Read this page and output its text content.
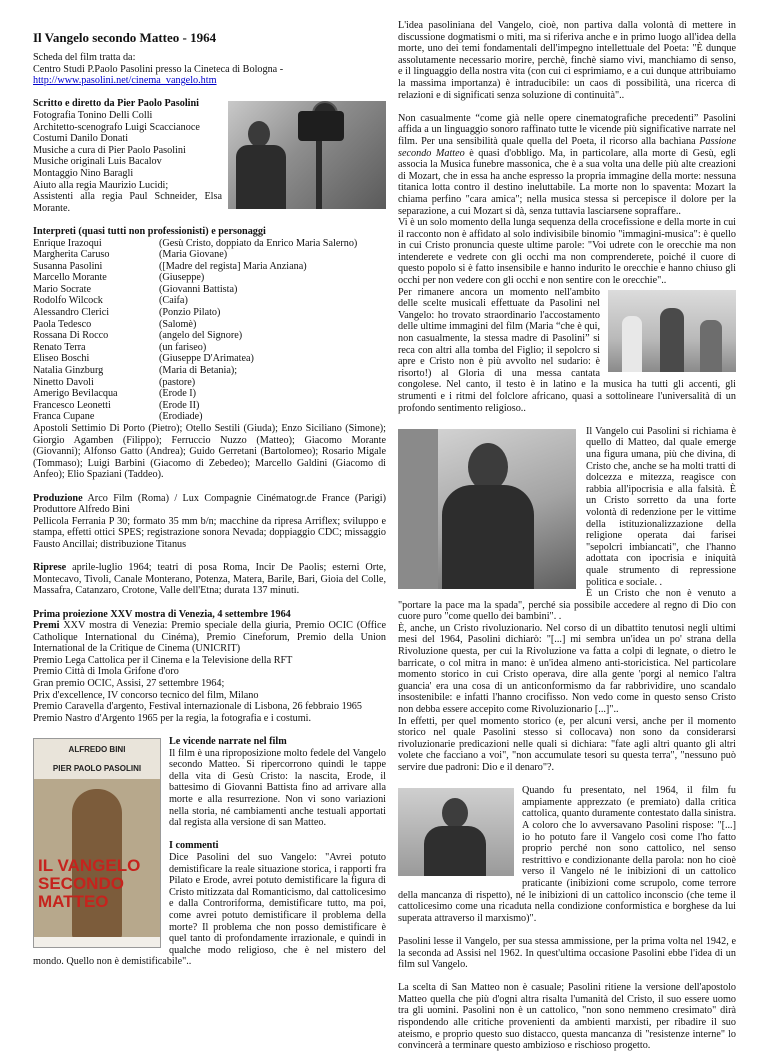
Il Vangelo secondo Matteo - 1964

Scheda del film tratta da:

Centro Studi P.Paolo Pasolini presso la Cineteca di Bologna -

http://www.pasolini.net/cinema_vangelo.htm

Scritto e diretto da Pier Paolo Pasolini

Fotografia Tonino Delli Colli

Architetto-scenografo Luigi Scaccianoce

Costumi Danilo Donati

Musiche a cura di Pier Paolo Pasolini

Musiche originali Luis Bacalov

Montaggio Nino Baragli

Aiuto alla regia Maurizio Lucidi;

Assistenti alla regia Paul Schneider, Elsa Morante.

Interpreti (quasi tutti non professionisti) e personaggi

Enrique Irazoqui	(Gesù Cristo, doppiato da Enrico Maria Salerno)
Margherita Caruso	(Maria Giovane)
Susanna Pasolini	([Madre del regista] Maria Anziana)
Marcello Morante	(Giuseppe)
Mario Socrate	(Giovanni Battista)
Rodolfo Wilcock	(Caifa)
Alessandro Clerici	(Ponzio Pilato)
Paola Tedesco	(Salomè)
Rossana Di Rocco	(angelo del Signore)
Renato Terra	(un fariseo)
Eliseo Boschi	(Giuseppe D'Arimatea)
Natalia Ginzburg	(Maria di Betania);
Ninetto Davoli	(pastore)
Amerigo Bevilacqua	(Erode I)
Francesco Leonetti	(Erode II)
Franca Cupane	(Erodiade)

Apostoli Settimio Di Porto (Pietro); Otello Sestili (Giuda); Enzo Siciliano (Simone); Giorgio Agamben (Filippo); Ferruccio Nuzzo (Matteo); Giacomo Morante (Giovanni); Alfonso Gatto (Andrea); Guido Gerretani (Bartolomeo); Rosario Migale (Tommaso); Luigi Barbini (Giacomo di Zebedeo); Marcello Galdini (Giacomo di Anfeo); Elio Spaziani (Taddeo).

Produzione Arco Film (Roma) / Lux Compagnie Cinématogr.de France (Parigi) Produttore Alfredo Bini

Pellicola Ferrania P 30; formato 35 mm b/n; macchine da ripresa Arriflex; sviluppo e stampa, effetti ottici SPES; registrazione sonora Nevada; doppiaggio CDC; missaggio Fausto Ancillai; distribuzione Titanus

Riprese aprile-luglio 1964; teatri di posa Roma, Incir De Paolis; esterni Orte, Montecavo, Tivoli, Canale Monterano, Potenza, Matera, Barile, Bari, Gioia del Colle, Massafra, Catanzaro, Crotone, Valle dell'Etna; durata 137 minuti.

Prima proiezione XXV mostra di Venezia, 4 settembre 1964

Premi XXV mostra di Venezia: Premio speciale della giuria, Premio OCIC (Office Catholique International du Cinéma), Premio Cineforum, Premio della Union International de la Critique de Cinema (UNICRIT)

Premio Lega Cattolica per il Cinema e la Televisione della RFT

Premio Città di Imola Grifone d'oro

Gran premio OCIC, Assisi, 27 settembre 1964;

Prix d'excellence, IV concorso tecnico del film, Milano

Premio Caravella d'argento, Festival internazionale di Lisbona, 26 febbraio 1965

Premio Nastro d'Argento 1965 per la regia, la fotografia e i costumi.

ALFREDO BINI
PIER PAOLO PASOLINI
IL VANGELO SECONDO MATTEO

Le vicende narrate nel film

Il film è una riproposizione molto fedele del Vangelo secondo Matteo. Si ripercorrono quindi le tappe della vita di Gesù Cristo: la nascita, Erode, il battesimo di Giovanni Battista fino ad arrivare alla morte e alla resurrezione. Non vi sono variazioni nella storia, né cambiamenti anche testuali apportati dal regista alla versione di san Matteo.

I commenti

Dice Pasolini del suo Vangelo: "Avrei potuto demistificare la reale situazione storica, i rapporti fra Pilato e Erode, avrei potuto demistificare la figura di Cristo mitizzata dal Romanticismo, dal cattolicesimo e dalla Controriforma, demistificare tutto, ma poi, come avrei potuto demistificare il problema della morte? Il problema che non posso demistificare è quel tanto di profondamente irrazionale, e quindi in qualche modo religioso, che è nel mistero del mondo. Quello non è demistificabile"..

L'idea pasoliniana del Vangelo, cioè, non partiva dalla volontà di mettere in discussione dogmatismi o miti, ma si riferiva anche e in primo luogo all'idea della morte, uno dei temi fondamentali dell'impegno intellettuale del Poeta: "È dunque assolutamente necessario morire, perchè, finchè siamo vivi, manchiamo di senso, e il linguaggio della nostra vita (con cui ci esprimiamo, e a cui dunque attribuiamo la massima importanza) è intraducibile: un caos di possibilità, una ricerca di relazioni e di significati senza soluzione di continuità"..

Non casualmente “come già nelle opere cinematografiche precedenti” Pasolini affida a un linguaggio sonoro raffinato tutte le vicende più significative narrate nel film. Per una sensibilità quale quella del Poeta, il ricorso alla bachiana Passione secondo Matteo è quasi d'obbligo. Ma, in particolare, alla morte di Gesù, egli associa la Musica funebre massonica, che è a sua volta una delle più alte creazioni di Mozart, che in essa ha anche espresso la propria immagine della morte: nessuna titanica lotta contro il destino ineluttabile. La morte non lo spaventa: Mozart la chiama perfino "cara amica"; nella musica stessa si percepisce il dolore per la separazione, a cui Mozart si dà, senza tuttavia lasciarsene sopraffare..

Vi è un solo momento della lunga sequenza della crocefissione e della morte in cui il racconto non è affidato al solo indivisibile binomio "immagini-musica": è quello in cui Cristo pronuncia queste ultime parole: "Voi udrete con le orecchie ma non intenderete e vedrete con gli occhi ma non comprenderete, poiché il cuore di questo popolo si è fatto insensibile e hanno indurito le orecchie e hanno chiuso gli occhi per non vedere con gli occhi e non sentire con le orecchie"..

Per rimanere ancora un momento nell'ambito delle scelte musicali effettuate da Pasolini nel Vangelo: ho trovato straordinario l'accostamento delle ultime immagini del film (Maria “che è qui, non casualmente, la stessa madre di Pasolini” si reca con altri alla tomba del Figlio; il sepolcro si apre e Cristo non è più avvolto nel sudario: è risorto!) al Gloria di una messa cantata congolese. Nel canto, il testo è in latino e la musica ha tutti gli accenti, gli strumenti e i ritmi del folclore africano, quasi a sottolineare l'universalità di un profondo sentimento religioso..

Il Vangelo cui Pasolini si richiama è quello di Matteo, dal quale emerge una figura umana, più che divina, di Cristo che, anche se ha molti tratti di dolcezza e mitezza, reagisce con rabbia all'ipocrisia e alla falsità. È un Cristo sorretto da una forte volontà di redenzione per le vittime della istituzionalizzazione della religione operata dai farisei "sepolcri imbiancati", che l'hanno adottata con ipocrisia e iniquità quale strumento di repressione politica e sociale. .

È un Cristo che non è venuto a "portare la pace ma la spada", perché sia possibile accedere al regno di Dio con cuore puro "come quello dei bambini". .

È, anche, un Cristo rivoluzionario. Nel corso di un dibattito tenutosi negli ultimi mesi del 1964, Pasolini dichiarò: "[...] mi sembra un'idea un po' strana della Rivoluzione questa, per cui la Rivoluzione va fatta a colpi di legnate, o dietro le barricate, o col mitra in mano: è un'idea almeno anti-storicistica. Nel particolare momento storico in cui Cristo operava, dire alla gente 'porgi al nemico l'altra guancia' era una cosa di un anticonformismo da far rabbrividire, uno scandalo insostenibile: e infatti l'hanno crocifisso. Non vedo come in questo senso Cristo non debba essere accepito come Rivoluzionario [...]"..

In effetti, per quel momento storico (e, per alcuni versi, anche per il momento storico nel quale Pasolini stesso si collocava) non sono da considerarsi rivoluzionarie predicazioni nelle quali si dichiara: "fate agli altri quanto gli altri volete che facciano a voi", "non accumulate tesori su questa terra", "nessuno può servire due padroni: Dio e il denaro"?.

Quando fu presentato, nel 1964, il film fu ampiamente apprezzato (e premiato) dalla critica cattolica, quanto duramente contestato dalla sinistra. A coloro che lo avversavano Pasolini rispose: "[...] io ho potuto fare il Vangelo così come l'ho fatto proprio perché non sono cattolico, nel senso restrittivo e condizionante della parola: non ho cioè verso il Vangelo né le inibizioni di un cattolico praticante (inibizioni come scrupolo, come terrore della mancanza di rispetto), né le inibizioni di un cattolico inconscio (che teme il cattolicesimo come una ricaduta nella condizione conformistica e borghese da lui superata attraverso il marxismo)".

Pasolini lesse il Vangelo, per sua stessa ammissione, per la prima volta nel 1942, e la seconda ad Assisi nel 1962. In quest'ultima occasione Pasolini ebbe l'idea di un film sul Vangelo.

La scelta di San Matteo non è casuale; Pasolini ritiene la versione dell'apostolo Matteo quella che più d'ogni altra risalta l'umanità del Cristo, il suo essere uomo tra gli uomini. Pasolini non è un cattolico, "non sono nemmeno cresimato" dirà rispondendo alle critiche provenienti da ambienti marxisti, per ribadire il suo ateismo, e proprio questo suo distacco, questa mancanza di "resistenze interne" lo convincerà a terminare questo ambizioso e rischioso progetto.
